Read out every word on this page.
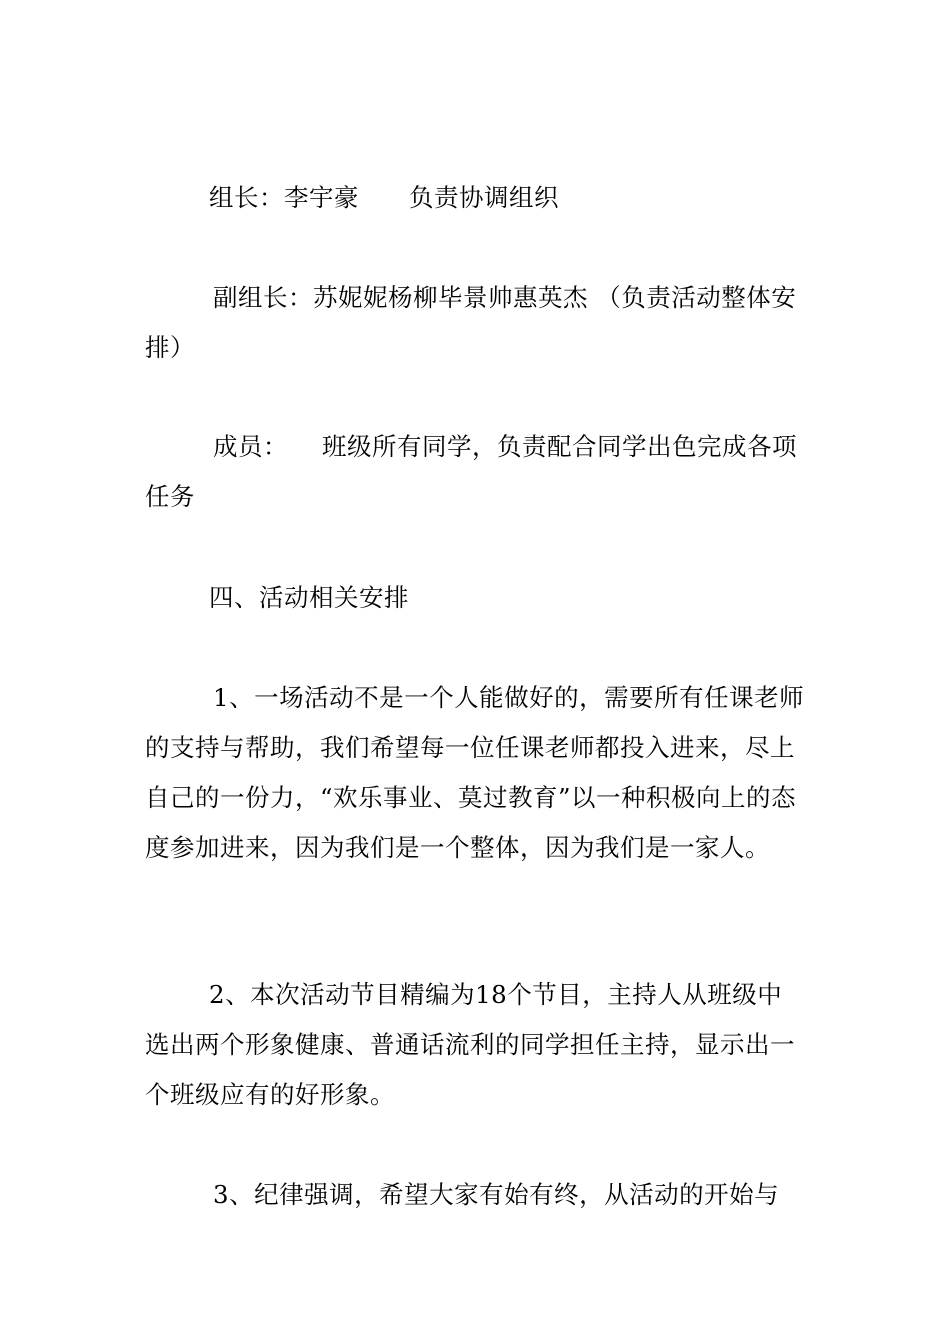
组长：李宇豪 负责协调组织

副组长：苏妮妮杨柳毕景帅惠英杰 （负责活动整体安排）

成员： 班级所有同学，负责配合同学出色完成各项任务

四、活动相关安排

1、一场活动不是一个人能做好的，需要所有任课老师的支持与帮助，我们希望每一位任课老师都投入进来，尽上自己的一份力，“欢乐事业、莫过教育”以一种积极向上的态度参加进来，因为我们是一个整体，因为我们是一家人。

2、本次活动节目精编为18个节目，主持人从班级中选出两个形象健康、普通话流利的同学担任主持，显示出一个班级应有的好形象。

3、纪律强调，希望大家有始有终，从活动的开始与
